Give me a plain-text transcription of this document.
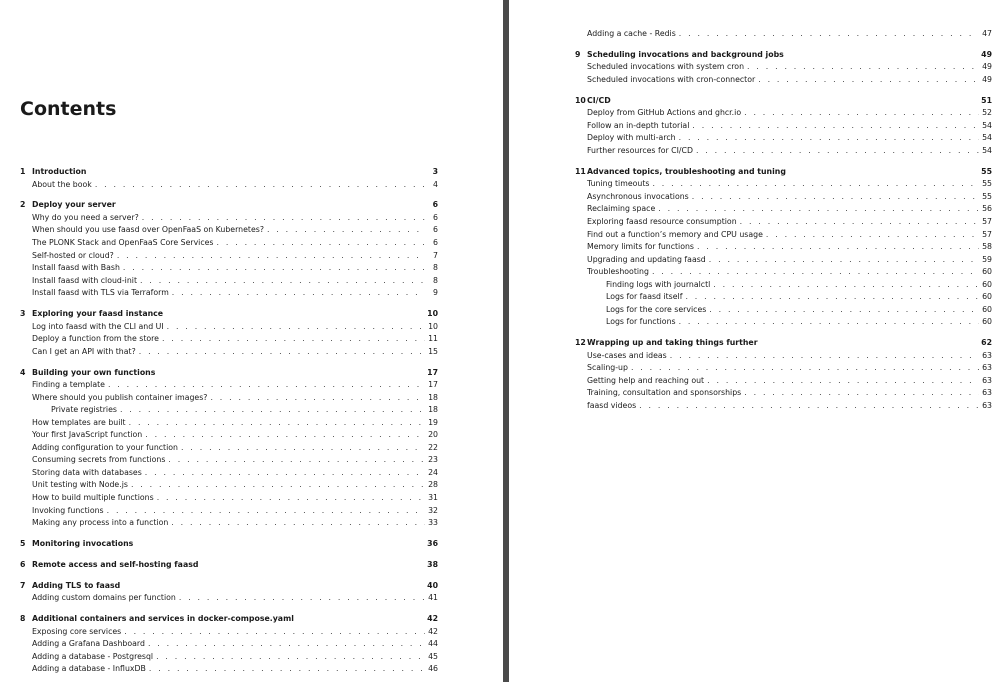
Contents
1 Introduction	3
About the book . . .	4
2 Deploy your server	6
Why do you need a server? . . .	6
When should you use faasd over OpenFaaS on Kubernetes? . . .	6
The PLONK Stack and OpenFaaS Core Services . . .	6
Self-hosted or cloud? . . .	7
Install faasd with Bash . . .	8
Install faasd with cloud-init . . .	8
Install faasd with TLS via Terraform . . .	9
3 Exploring your faasd instance	10
Log into faasd with the CLI and UI . . .	10
Deploy a function from the store . . .	11
Can I get an API with that? . . .	15
4 Building your own functions	17
Finding a template . . .	17
Where should you publish container images? . . .	18
Private registries . . .	18
How templates are built . . .	19
Your first JavaScript function . . .	20
Adding configuration to your function . . .	22
Consuming secrets from functions . . .	23
Storing data with databases . . .	24
Unit testing with Node.js . . .	28
How to build multiple functions . . .	31
Invoking functions . . .	32
Making any process into a function . . .	33
5 Monitoring invocations	36
6 Remote access and self-hosting faasd	38
7 Adding TLS to faasd	40
Adding custom domains per function . . .	41
8 Additional containers and services in docker-compose.yaml	42
Exposing core services . . .	42
Adding a Grafana Dashboard . . .	44
Adding a database - Postgresql . . .	45
Adding a database - InfluxDB . . .	46
Adding a cache - Redis . . .	47
9 Scheduling invocations and background jobs	49
Scheduled invocations with system cron . . .	49
Scheduled invocations with cron-connector . . .	49
10 CI/CD	51
Deploy from GitHub Actions and ghcr.io . . .	52
Follow an in-depth tutorial . . .	54
Deploy with multi-arch . . .	54
Further resources for CI/CD . . .	54
11 Advanced topics, troubleshooting and tuning	55
Tuning timeouts . . .	55
Asynchronous invocations . . .	55
Reclaiming space . . .	56
Exploring faasd resource consumption . . .	57
Find out a function’s memory and CPU usage . . .	57
Memory limits for functions . . .	58
Upgrading and updating faasd . . .	59
Troubleshooting . . .	60
Finding logs with journalctl . . .	60
Logs for faasd itself . . .	60
Logs for the core services . . .	60
Logs for functions . . .	60
12 Wrapping up and taking things further	62
Use-cases and ideas . . .	63
Scaling-up . . .	63
Getting help and reaching out . . .	63
Training, consultation and sponsorships . . .	63
faasd videos . . .	63
